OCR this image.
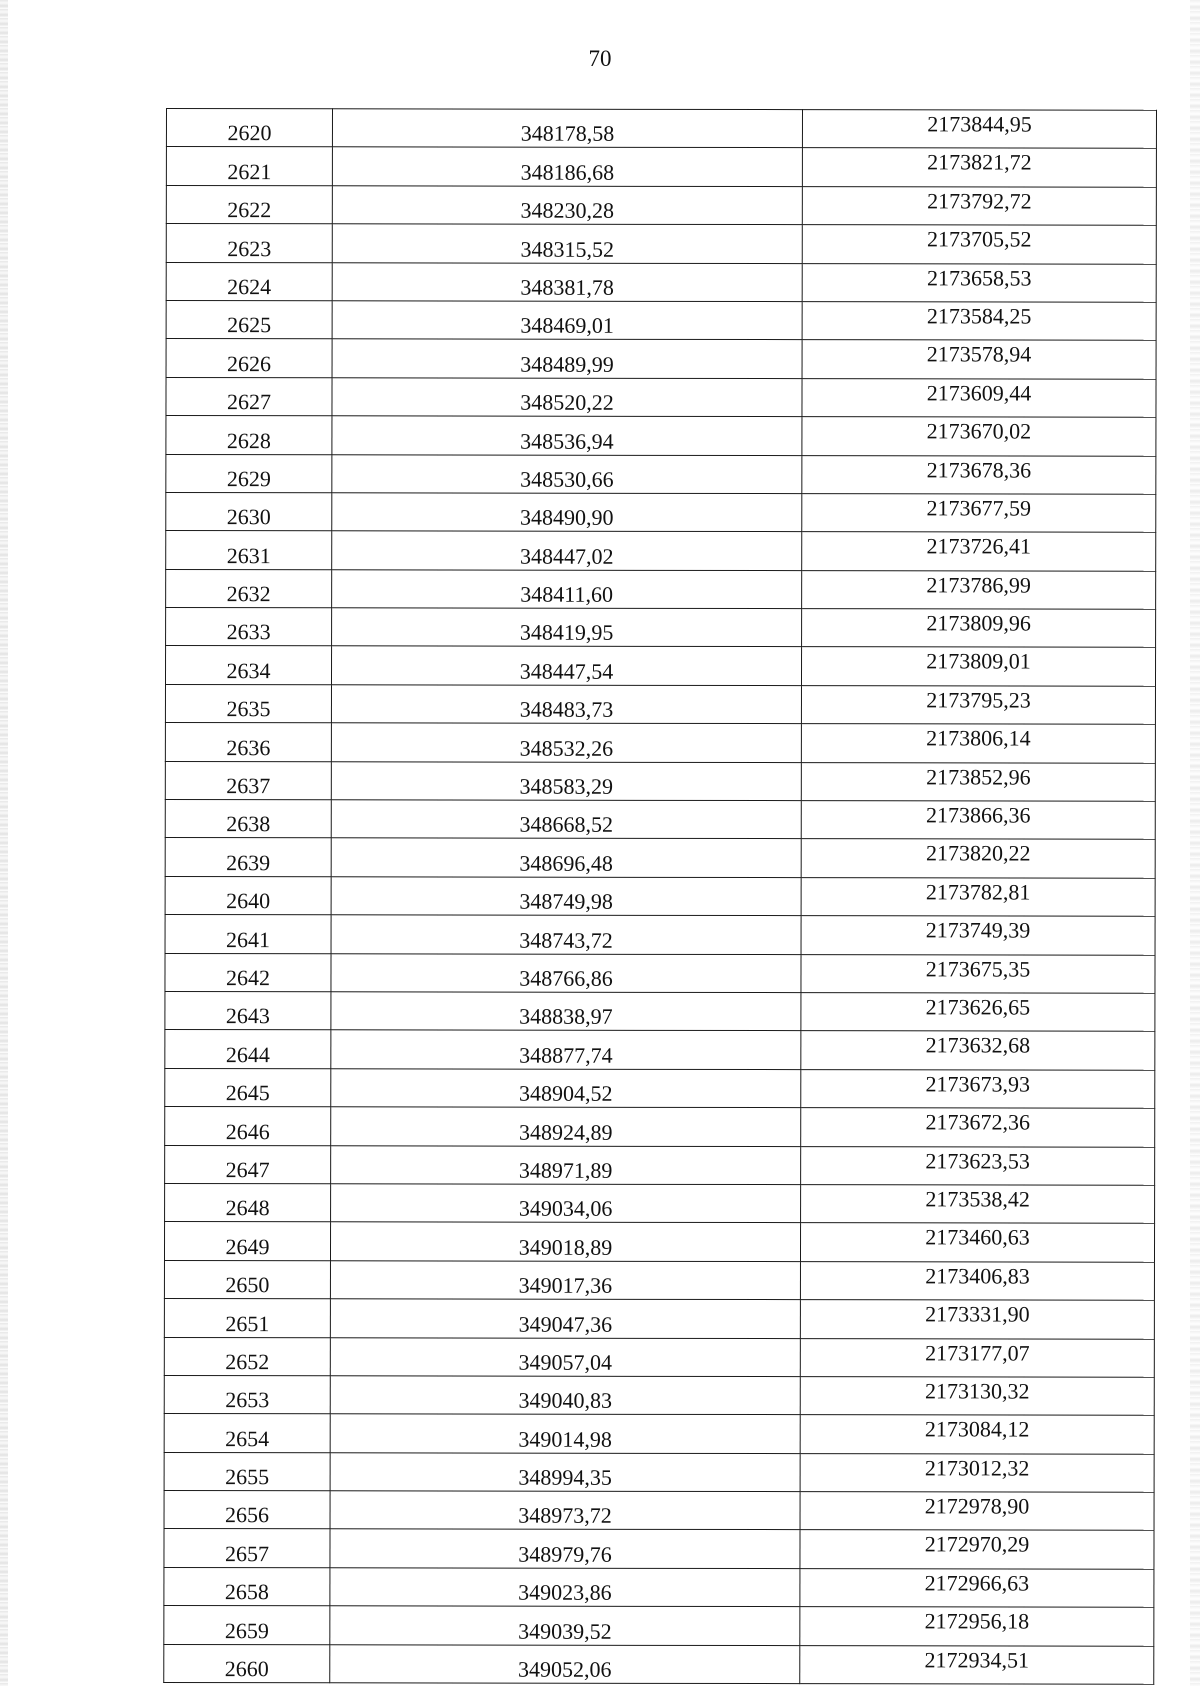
70
2620	348178,58	2173844,95
2621	348186,68	2173821,72
2622	348230,28	2173792,72
2623	348315,52	2173705,52
2624	348381,78	2173658,53
2625	348469,01	2173584,25
2626	348489,99	2173578,94
2627	348520,22	2173609,44
2628	348536,94	2173670,02
2629	348530,66	2173678,36
2630	348490,90	2173677,59
2631	348447,02	2173726,41
2632	348411,60	2173786,99
2633	348419,95	2173809,96
2634	348447,54	2173809,01
2635	348483,73	2173795,23
2636	348532,26	2173806,14
2637	348583,29	2173852,96
2638	348668,52	2173866,36
2639	348696,48	2173820,22
2640	348749,98	2173782,81
2641	348743,72	2173749,39
2642	348766,86	2173675,35
2643	348838,97	2173626,65
2644	348877,74	2173632,68
2645	348904,52	2173673,93
2646	348924,89	2173672,36
2647	348971,89	2173623,53
2648	349034,06	2173538,42
2649	349018,89	2173460,63
2650	349017,36	2173406,83
2651	349047,36	2173331,90
2652	349057,04	2173177,07
2653	349040,83	2173130,32
2654	349014,98	2173084,12
2655	348994,35	2173012,32
2656	348973,72	2172978,90
2657	348979,76	2172970,29
2658	349023,86	2172966,63
2659	349039,52	2172956,18
2660	349052,06	2172934,51
